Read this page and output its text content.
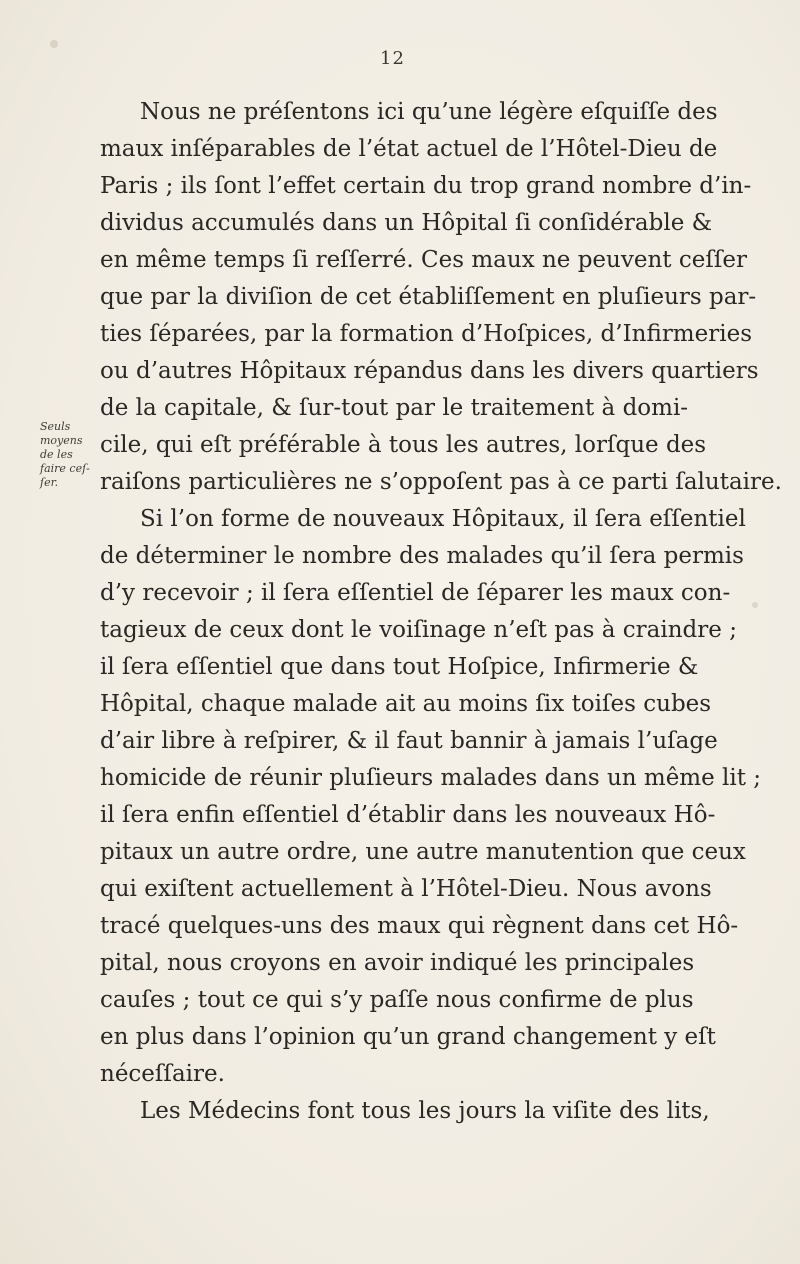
12
Seuls
moyens
de les
faire ceſ-
ſer.
Nous ne préſentons ici qu’une légère eſquiſſe des
maux inſéparables de l’état actuel de l’Hôtel-Dieu de
Paris ; ils ſont l’effet certain du trop grand nombre d’in-
dividus accumulés dans un Hôpital ſi conſidérable &
en même temps ſi reſſerré. Ces maux ne peuvent ceſſer
que par la diviſion de cet établiſſement en pluſieurs par-
ties ſéparées, par la formation d’Hoſpices, d’Infirmeries
ou d’autres Hôpitaux répandus dans les divers quartiers
de la capitale, & ſur-tout par le traitement à domi-
cile, qui eſt préférable à tous les autres, lorſque des
raiſons particulières ne s’oppoſent pas à ce parti ſalutaire.
Si l’on forme de nouveaux Hôpitaux, il ſera eſſentiel
de déterminer le nombre des malades qu’il ſera permis
d’y recevoir ; il ſera eſſentiel de ſéparer les maux con-
tagieux de ceux dont le voiſinage n’eſt pas à craindre ;
il ſera eſſentiel que dans tout Hoſpice, Infirmerie &
Hôpital, chaque malade ait au moins ſix toiſes cubes
d’air libre à reſpirer, & il faut bannir à jamais l’uſage
homicide de réunir pluſieurs malades dans un même lit ;
il ſera enfin eſſentiel d’établir dans les nouveaux Hô-
pitaux un autre ordre, une autre manutention que ceux
qui exiſtent actuellement à l’Hôtel-Dieu. Nous avons
tracé quelques-uns des maux qui règnent dans cet Hô-
pital, nous croyons en avoir indiqué les principales
cauſes ; tout ce qui s’y paſſe nous confirme de plus
en plus dans l’opinion qu’un grand changement y eſt
néceſſaire.
Les Médecins font tous les jours la viſite des lits,
